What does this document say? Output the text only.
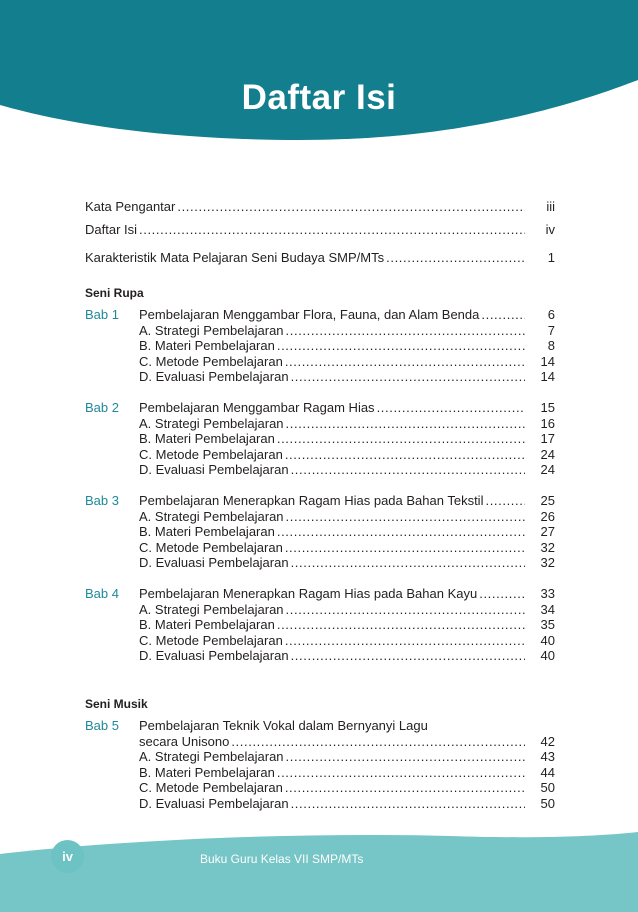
Daftar Isi
Kata Pengantar . . .	iii
Daftar Isi . . .	iv
Karakteristik Mata Pelajaran Seni Budaya SMP/MTs . . .	1
Seni Rupa
Bab 1	Pembelajaran Menggambar Flora, Fauna, dan Alam Benda . . .	6
A. Strategi Pembelajaran . . .	7
B. Materi Pembelajaran . . .	8
C. Metode Pembelajaran . . .	14
D. Evaluasi Pembelajaran . . .	14
Bab 2	Pembelajaran Menggambar Ragam Hias . . .	15
A. Strategi Pembelajaran . . .	16
B. Materi Pembelajaran . . .	17
C. Metode Pembelajaran . . .	24
D. Evaluasi Pembelajaran . . .	24
Bab 3	Pembelajaran Menerapkan Ragam Hias pada Bahan Tekstil . . .	25
A. Strategi Pembelajaran . . .	26
B. Materi Pembelajaran . . .	27
C. Metode Pembelajaran . . .	32
D. Evaluasi Pembelajaran . . .	32
Bab 4	Pembelajaran Menerapkan Ragam Hias pada Bahan Kayu . . .	33
A. Strategi Pembelajaran . . .	34
B. Materi Pembelajaran . . .	35
C. Metode Pembelajaran . . .	40
D. Evaluasi Pembelajaran . . .	40
Seni Musik
Bab 5	Pembelajaran Teknik Vokal dalam Bernyanyi Lagu
secara Unisono . . .	42
A. Strategi Pembelajaran . . .	43
B. Materi Pembelajaran . . .	44
C. Metode Pembelajaran . . .	50
D. Evaluasi Pembelajaran . . .	50
iv	Buku Guru Kelas VII SMP/MTs
